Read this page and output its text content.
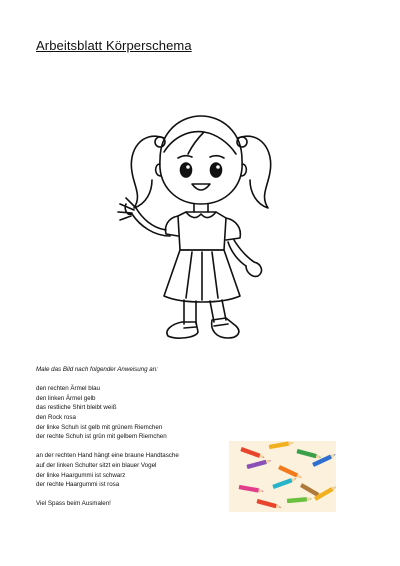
Arbeitsblatt Körperschema
Male das Bild nach folgender Anweisung an:
den rechten Ärmel blau
den linken Ärmel gelb
das restliche Shirt bleibt weiß
den Rock rosa
der linke Schuh ist gelb mit grünem Riemchen
der rechte Schuh ist grün mit gelbem Riemchen
an der rechten Hand hängt eine braune Handtasche
auf der linken Schulter sitzt ein blauer Vogel
der linke Haargummi ist schwarz
der rechte Haargummi ist rosa
Viel Spass beim Ausmalen!
